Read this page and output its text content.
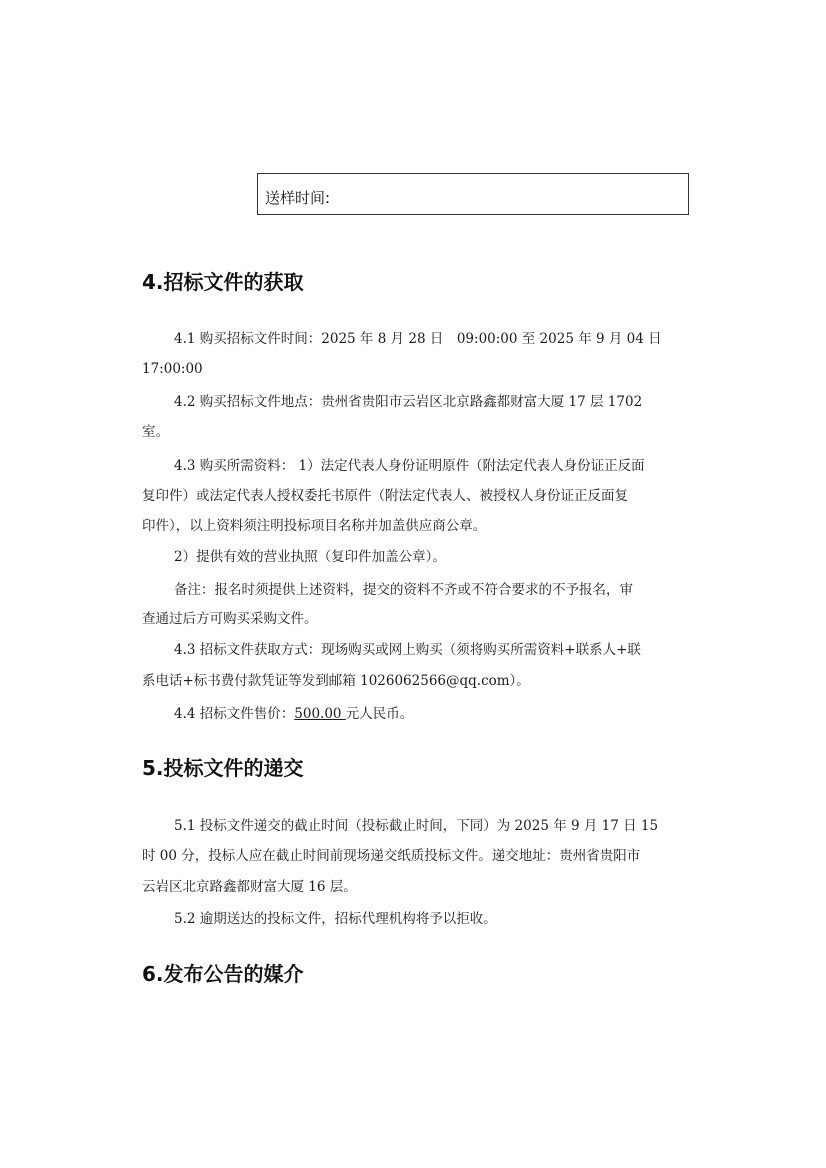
送样时间:
4.招标文件的获取
4.1 购买招标文件时间：2025 年 8 月 28 日　09:00:00 至 2025 年 9 月 04 日
17:00:00
4.2 购买招标文件地点：贵州省贵阳市云岩区北京路鑫都财富大厦 17 层 1702
室。
4.3 购买所需资料： 1）法定代表人身份证明原件（附法定代表人身份证正反面
复印件）或法定代表人授权委托书原件（附法定代表人、被授权人身份证正反面复
印件），以上资料须注明投标项目名称并加盖供应商公章。
2）提供有效的营业执照（复印件加盖公章）。
备注：报名时须提供上述资料，提交的资料不齐或不符合要求的不予报名，审
查通过后方可购买采购文件。
4.3 招标文件获取方式：现场购买或网上购买（须将购买所需资料+联系人+联
系电话+标书费付款凭证等发到邮箱 1026062566@qq.com）。
4.4 招标文件售价：500.00 元人民币。
5.投标文件的递交
5.1 投标文件递交的截止时间（投标截止时间，下同）为 2025 年 9 月 17 日 15
时 00 分，投标人应在截止时间前现场递交纸质投标文件。递交地址：贵州省贵阳市
云岩区北京路鑫都财富大厦 16 层。
5.2 逾期送达的投标文件，招标代理机构将予以拒收。
6.发布公告的媒介
